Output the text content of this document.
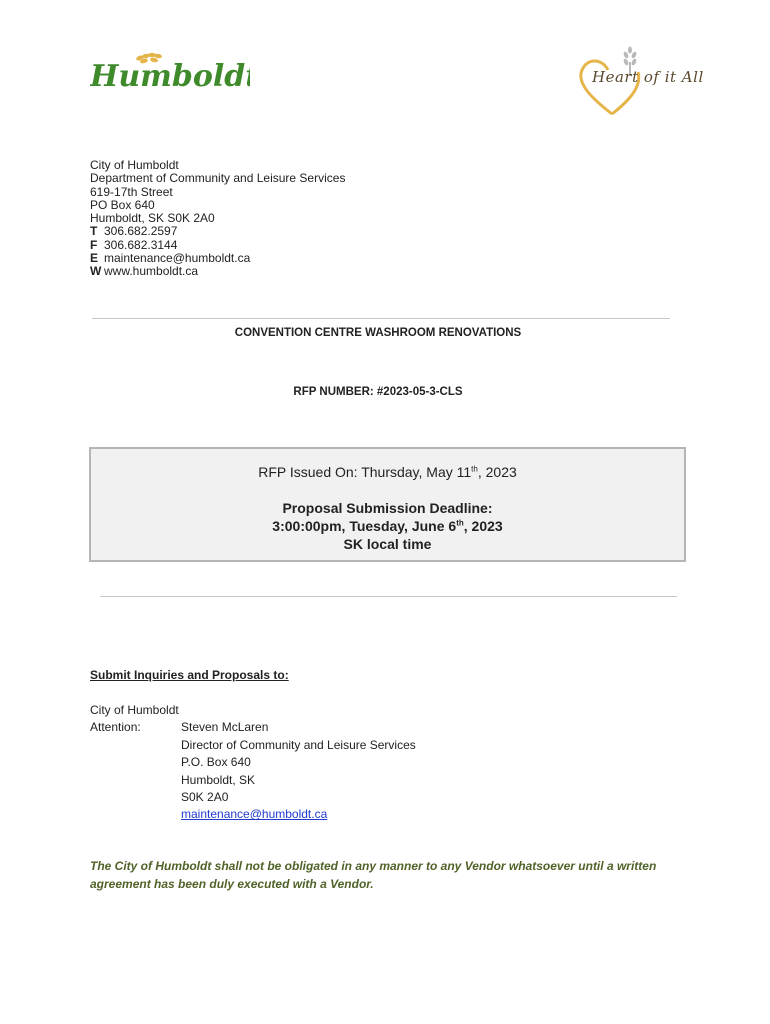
Humboldt	Heart of it All
City of Humboldt
Department of Community and Leisure Services
619-17th Street
PO Box 640
Humboldt, SK S0K 2A0
T 306.682.2597
F 306.682.3144
E maintenance@humboldt.ca
W www.humboldt.ca
CONVENTION CENTRE WASHROOM RENOVATIONS
RFP NUMBER: #2023-05-3-CLS
RFP Issued On: Thursday, May 11th, 2023
Proposal Submission Deadline:
3:00:00pm, Tuesday, June 6th, 2023
SK local time
Submit Inquiries and Proposals to:
City of Humboldt
Attention:	Steven McLaren
Director of Community and Leisure Services
P.O. Box 640
Humboldt, SK
S0K 2A0
maintenance@humboldt.ca
The City of Humboldt shall not be obligated in any manner to any Vendor whatsoever until a written agreement has been duly executed with a Vendor.
